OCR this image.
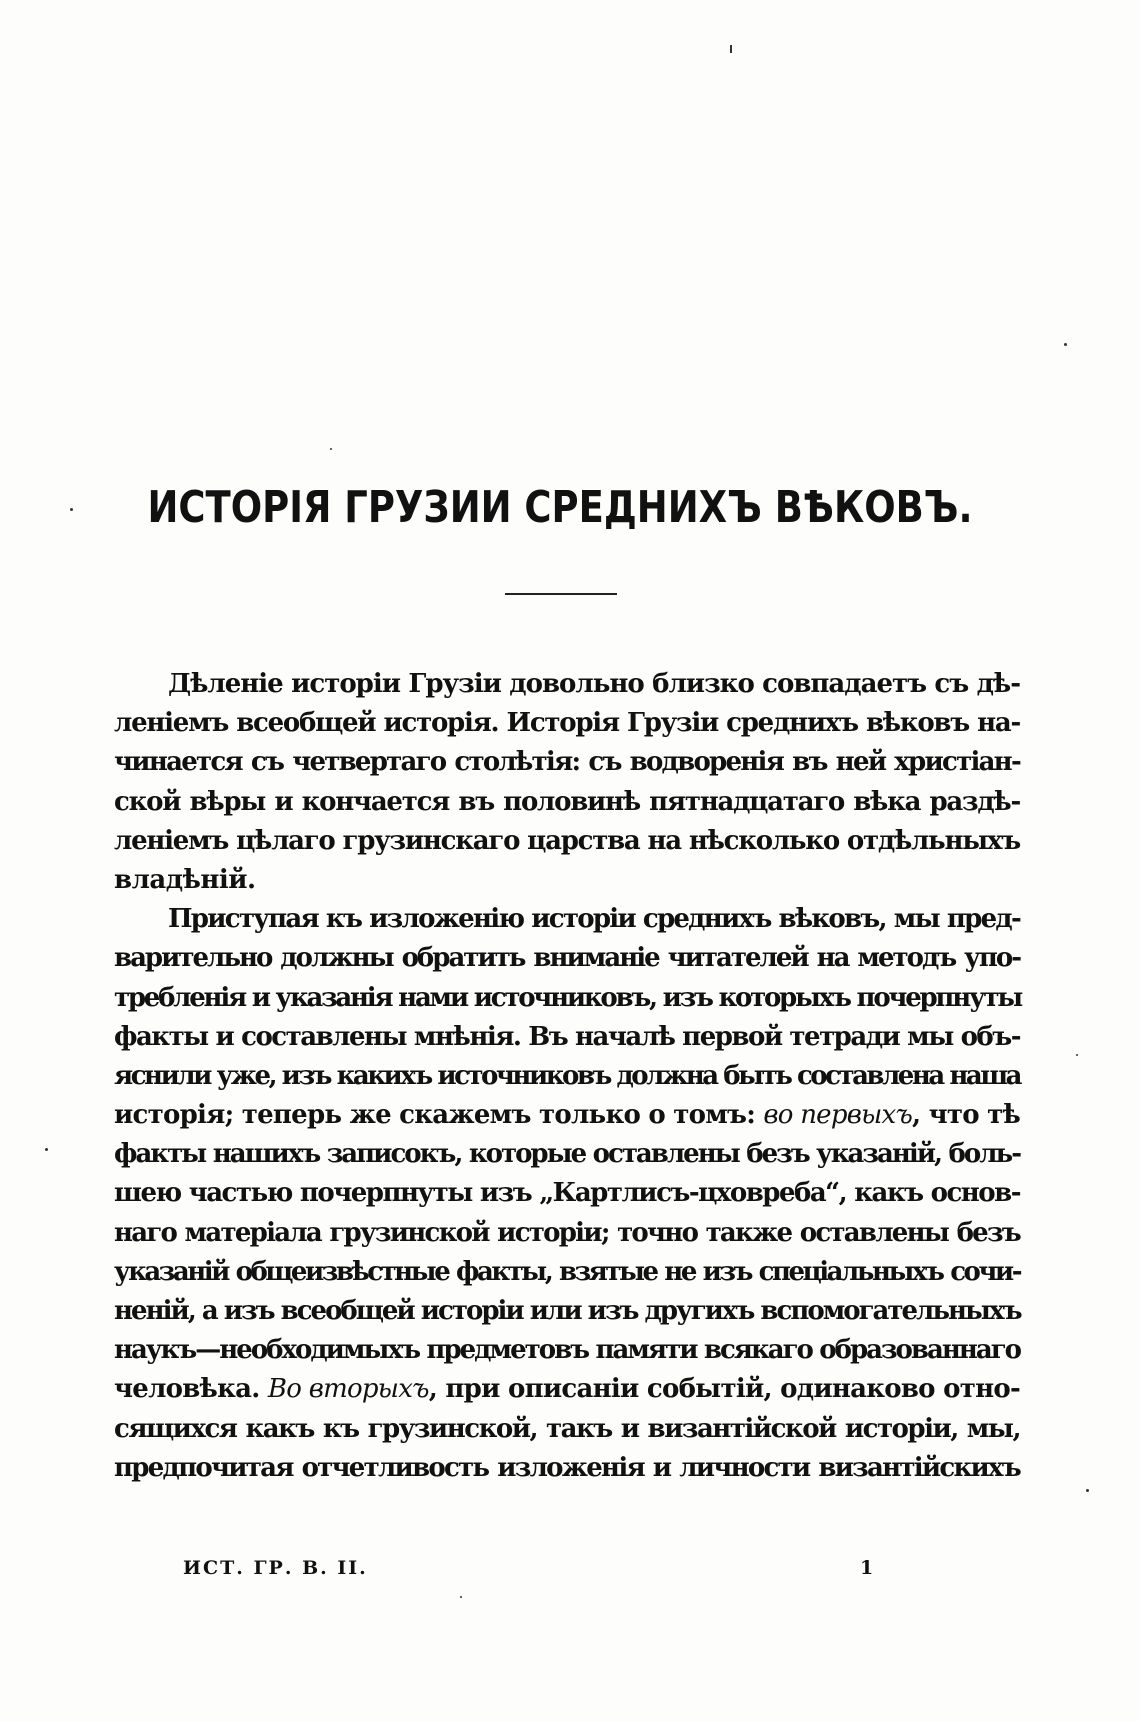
ИСТОРІЯ ГРУЗИИ СРЕДНИХЪ ВѢКОВЪ.
Дѣленіе исторіи Грузіи довольно близко совпадаетъ съ дѣ-
леніемъ всеобщей исторія. Исторія Грузіи среднихъ вѣковъ на-
чинается съ четвертаго столѣтія: съ водворенія въ ней христіан-
ской вѣры и кончается въ половинѣ пятнадцатаго вѣка раздѣ-
леніемъ цѣлаго грузинскаго царства на нѣсколько отдѣльныхъ
владѣній.
Приступая къ изложенію исторіи среднихъ вѣковъ, мы пред-
варительно должны обратить вниманіе читателей на методъ упо-
требленія и указанія нами источниковъ, изъ которыхъ почерпнуты
факты и составлены мнѣнія. Въ началѣ первой тетради мы объ-
яснили уже, изъ какихъ источниковъ должна быть составлена наша
исторія; теперь же скажемъ только о томъ: во первыхъ, что тѣ
факты нашихъ записокъ, которые оставлены безъ указаній, боль-
шею частью почерпнуты изъ „Картлисъ-цховреба“, какъ основ-
наго матеріала грузинской исторіи; точно также оставлены безъ
указаній общеизвѣстные факты, взятые не изъ спеціальныхъ сочи-
неній, а изъ всеобщей исторіи или изъ другихъ вспомогательныхъ
наукъ—необходимыхъ предметовъ памяти всякаго образованнаго
человѣка. Во вторыхъ, при описаніи событій, одинаково отно-
сящихся какъ къ грузинской, такъ и византійской исторіи, мы,
предпочитая отчетливость изложенія и личности византійскихъ
ИСТ. ГР. В. II.	1
